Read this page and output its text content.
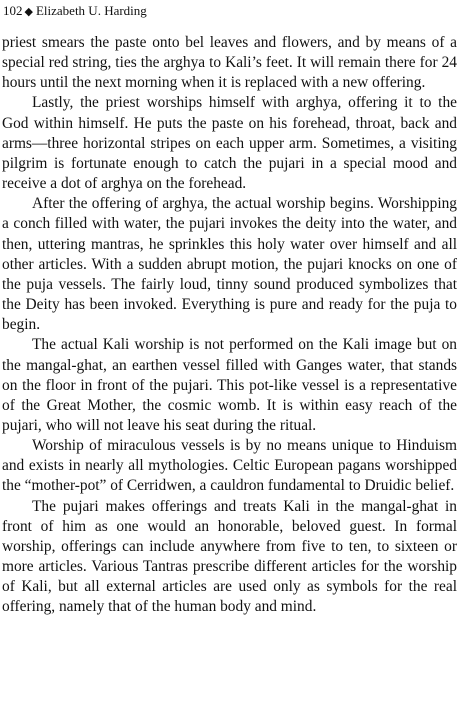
102 ◆ Elizabeth U. Harding

priest smears the paste onto bel leaves and flowers, and by means of a special red string, ties the arghya to Kali’s feet. It will remain there for 24 hours until the next morning when it is replaced with a new offering.

Lastly, the priest worships himself with arghya, offering it to the God within himself. He puts the paste on his forehead, throat, back and arms—three horizontal stripes on each upper arm. Sometimes, a visiting pilgrim is fortunate enough to catch the pujari in a special mood and receive a dot of arghya on the forehead.

After the offering of arghya, the actual worship begins. Worshipping a conch filled with water, the pujari invokes the deity into the water, and then, uttering mantras, he sprinkles this holy water over himself and all other articles. With a sudden abrupt motion, the pujari knocks on one of the puja vessels. The fairly loud, tinny sound produced symbolizes that the Deity has been invoked. Everything is pure and ready for the puja to begin.

The actual Kali worship is not performed on the Kali image but on the mangal-ghat, an earthen vessel filled with Ganges water, that stands on the floor in front of the pujari. This pot-like vessel is a representative of the Great Mother, the cosmic womb. It is within easy reach of the pujari, who will not leave his seat during the ritual.

Worship of miraculous vessels is by no means unique to Hinduism and exists in nearly all mythologies. Celtic European pagans worshipped the “mother-pot” of Cerridwen, a cauldron fundamental to Druidic belief.

The pujari makes offerings and treats Kali in the mangal-ghat in front of him as one would an honorable, beloved guest. In formal worship, offerings can include anywhere from five to ten, to sixteen or more articles. Various Tantras prescribe different articles for the worship of Kali, but all external articles are used only as symbols for the real offering, namely that of the human body and mind.
